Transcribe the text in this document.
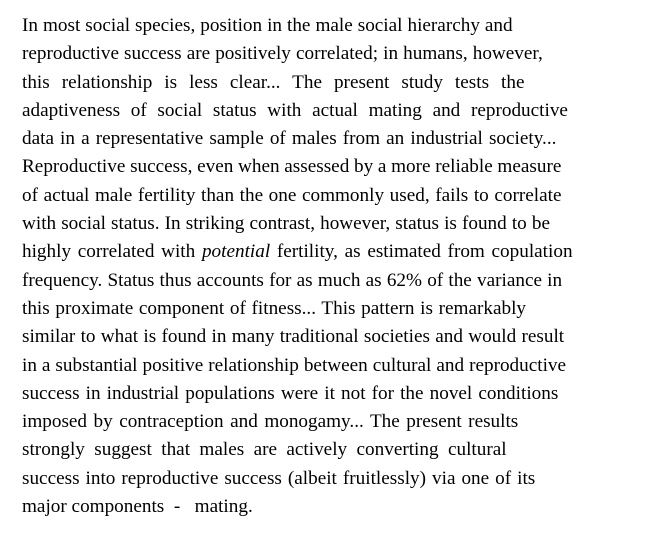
In most social species, position in the male social hierarchy and
reproductive success are positively correlated; in humans, however,
this relationship is less clear... The present study tests the
adaptiveness of social status with actual mating and reproductive
data in a representative sample of males from an industrial society...
Reproductive success, even when assessed by a more reliable measure
of actual male fertility than the one commonly used, fails to correlate
with social status. In striking contrast, however, status is found to be
highly correlated with potential fertility, as estimated from copulation
frequency. Status thus accounts for as much as 62% of the variance in
this proximate component of fitness... This pattern is remarkably
similar to what is found in many traditional societies and would result
in a substantial positive relationship between cultural and reproductive
success in industrial populations were it not for the novel conditions
imposed by contraception and monogamy... The present results
strongly suggest that males are actively converting cultural
success into reproductive success (albeit fruitlessly) via one of its
major components  -   mating.
